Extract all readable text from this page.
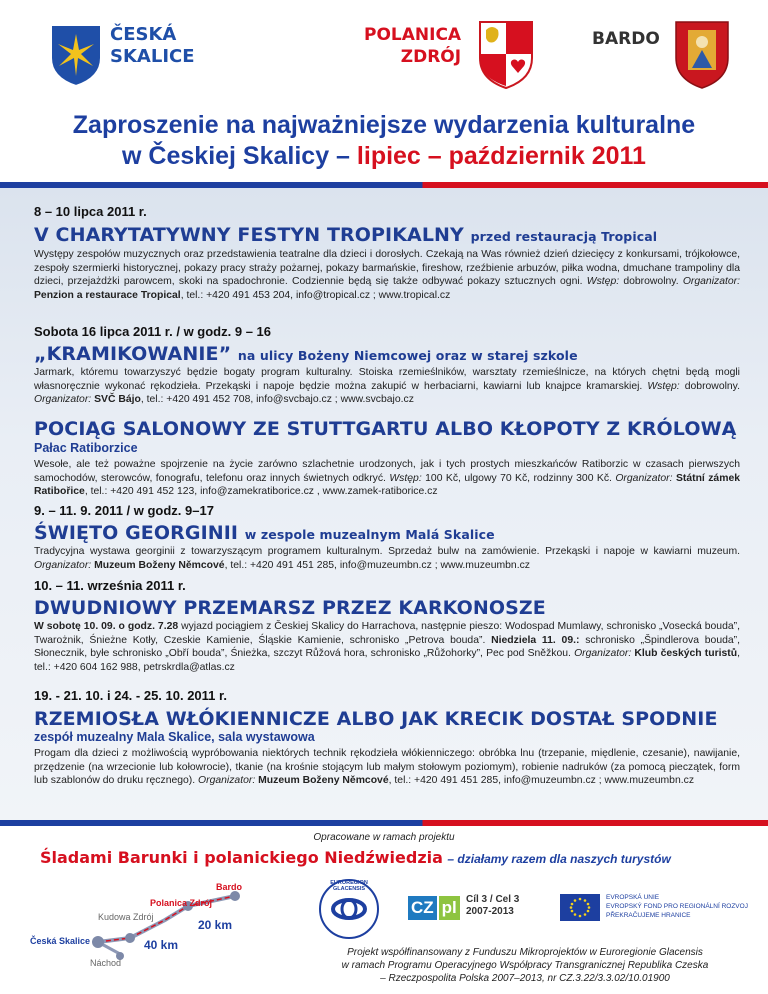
ČESKÁ
SKALICE
POLANICA
ZDRÓJ
BARDO
Zaproszenie na najważniejsze wydarzenia kulturalne
w Českiej Skalicy – lipiec – październik 2011
8 – 10 lipca 2011 r.
V CHARYTATYWNY FESTYN TROPIKALNY przed restauracją Tropical
Występy zespołów muzycznych oraz przedstawienia teatralne dla dzieci i dorosłych. Czekają na Was również dzień dziecięcy z konkursami, trójkołowce, zespoły szermierki historycznej, pokazy pracy straży pożarnej, pokazy barmańskie, fireshow, rzeźbienie arbuzów, piłka wodna, dmuchane trampoliny dla dzieci, przejażdżki parowcem, skoki na spadochronie. Codziennie będą się także odbywać pokazy sztucznych ogni. Wstęp: dobrowolny. Organizator: Penzion a restaurace Tropical, tel.: +420 491 453 204, info@tropical.cz ; www.tropical.cz
Sobota 16 lipca 2011 r. / w godz. 9 – 16
„KRAMIKOWANIE” na ulicy Bożeny Niemcowej oraz w starej szkole
Jarmark, któremu towarzyszyć będzie bogaty program kulturalny. Stoiska rzemieślników, warsztaty rzemieślnicze, na których chętni będą mogli własnoręcznie wykonać rękodzieła. Przekąski i napoje będzie można zakupić w herbaciarni, kawiarni lub knajpce kramarskiej. Wstęp: dobrowolny. Organizator: SVČ Bájo, tel.: +420 491 452 708, info@svcbajo.cz ; www.svcbajo.cz
POCIĄG SALONOWY ZE STUTTGARTU ALBO KŁOPOTY Z KRÓLOWĄ
Pałac Ratiborzice
Wesołe, ale też poważne spojrzenie na życie zarówno szlachetnie urodzonych, jak i tych prostych mieszkańców Ratiborzic w czasach pierwszych samochodów, sterowców, fonografu, telefonu oraz innych świetnych odkryć. Wstęp: 100 Kč, ulgowy 70 Kč, rodzinny 300 Kč. Organizator: Státní zámek Ratibořice, tel.: +420 491 452 123, info@zamekratiborice.cz , www.zamek-ratiborice.cz
9. – 11. 9. 2011 / w godz. 9–17
ŚWIĘTO GEORGINII w zespole muzealnym Malá Skalice
Tradycyjna wystawa georginii z towarzyszącym programem kulturalnym. Sprzedaż bulw na zamówienie. Przekąski i napoje w kawiarni muzeum. Organizator: Muzeum Boženy Němcové, tel.: +420 491 451 285, info@muzeumbn.cz ; www.muzeumbn.cz
10. – 11. września 2011 r.
DWUDNIOWY PRZEMARSZ PRZEZ KARKONOSZE
W sobotę 10. 09. o godz. 7.28 wyjazd pociągiem z Českiej Skalicy do Harrachova, następnie pieszo: Wodospad Mumlawy, schronisko „Vosecká bouda”, Twarożnik, Śnieżne Kotły, Czeskie Kamienie, Śląskie Kamienie, schronisko „Petrova bouda”. Niedziela 11. 09.: schronisko „Špindlerova bouda”, Słonecznik, byłe schronisko „Obří bouda”, Śnieżka, szczyt Růžová hora, schronisko „Růžohorky”, Pec pod Sněžkou. Organizator: Klub českých turistů, tel.: +420 604 162 988, petrskrdla@atlas.cz
19. - 21. 10. i 24. - 25. 10. 2011 r.
RZEMIOSŁA WŁÓKIENNICZE ALBO JAK KRECIK DOSTAŁ SPODNIE
zespół muzealny Mala Skalice, sala wystawowa
Progam dla dzieci z możliwością wypróbowania niektórych technik rękodzieła włókienniczego: obróbka lnu (trzepanie, międlenie, czesanie), nawijanie, przędzenie (na wrzecionie lub kołowrocie), tkanie (na krośnie stojącym lub małym stołowym poziomym), robienie nadruków (za pomocą pieczątek, form lub szablonów do druku ręcznego). Organizator: Muzeum Boženy Němcové, tel.: +420 491 451 285, info@muzeumbn.cz ; www.muzeumbn.cz
Opracowane w ramach projektu
Śladami Barunki i polanickiego Niedźwiedzia – działamy razem dla naszych turystów
Bardo
Polanica Zdrój
Kudowa Zdrój
20 km
Česká Skalice	40 km
Náchod
EUROREGION GLACENSIS
CZ pl Cíl 3 / Cel 3
2007-2013
EVROPSKÁ UNIE
EVROPSKÝ FOND PRO REGIONÁLNÍ ROZVOJ
PŘEKRAČUJEME HRANICE
Projekt współfinansowany z Funduszu Mikroprojektów w Euroregionie Glacensis
w ramach Programu Operacyjnego Współpracy Transgranicznej Republika Czeska
– Rzeczpospolita Polska 2007–2013, nr CZ.3.22/3.3.02/10.01900
